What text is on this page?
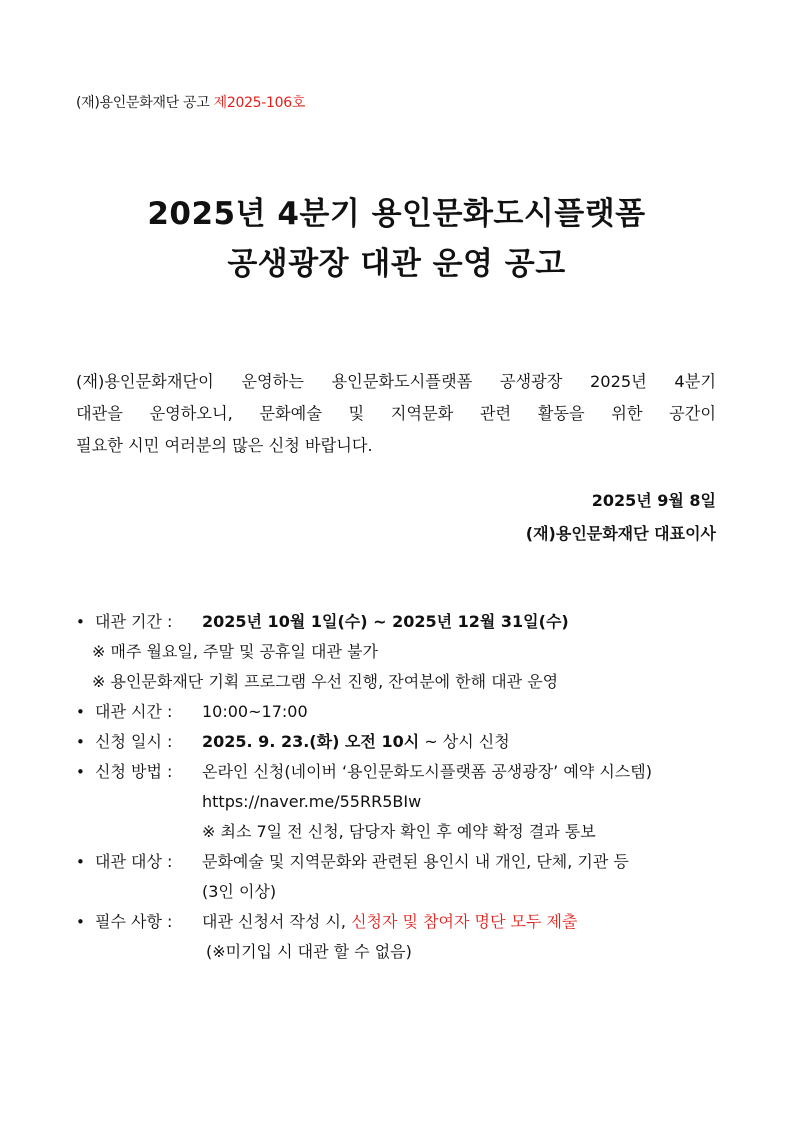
(재)용인문화재단 공고 제2025-106호
2025년 4분기 용인문화도시플랫폼
공생광장 대관 운영 공고
(재)용인문화재단이 운영하는 용인문화도시플랫폼 공생광장 2025년 4분기
대관을 운영하오니, 문화예술 및 지역문화 관련 활동을 위한 공간이
필요한 시민 여러분의 많은 신청 바랍니다.
2025년 9월 8일
(재)용인문화재단 대표이사
• 대관 기간 : 2025년 10월 1일(수) ~ 2025년 12월 31일(수)
※ 매주 월요일, 주말 및 공휴일 대관 불가
※ 용인문화재단 기획 프로그램 우선 진행, 잔여분에 한해 대관 운영
• 대관 시간 : 10:00~17:00
• 신청 일시 : 2025. 9. 23.(화) 오전 10시 ~ 상시 신청
• 신청 방법 : 온라인 신청(네이버 ‘용인문화도시플랫폼 공생광장’ 예약 시스템)
https://naver.me/55RR5BIw
※ 최소 7일 전 신청, 담당자 확인 후 예약 확정 결과 통보
• 대관 대상 : 문화예술 및 지역문화와 관련된 용인시 내 개인, 단체, 기관 등
(3인 이상)
• 필수 사항 : 대관 신청서 작성 시, 신청자 및 참여자 명단 모두 제출
(※미기입 시 대관 할 수 없음)
